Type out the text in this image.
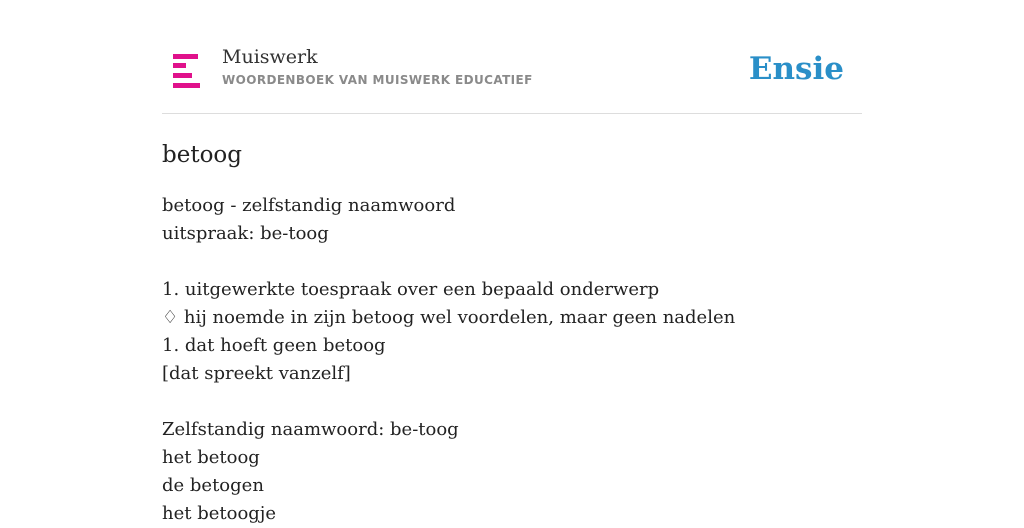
Muiswerk
WOORDENBOEK VAN MUISWERK EDUCATIEF	Ensie
betoog
betoog - zelfstandig naamwoord
uitspraak: be-toog
1. uitgewerkte toespraak over een bepaald onderwerp
♢ hij noemde in zijn betoog wel voordelen, maar geen nadelen
1. dat hoeft geen betoog
[dat spreekt vanzelf]
Zelfstandig naamwoord: be-toog
het betoog
de betogen
het betoogje
